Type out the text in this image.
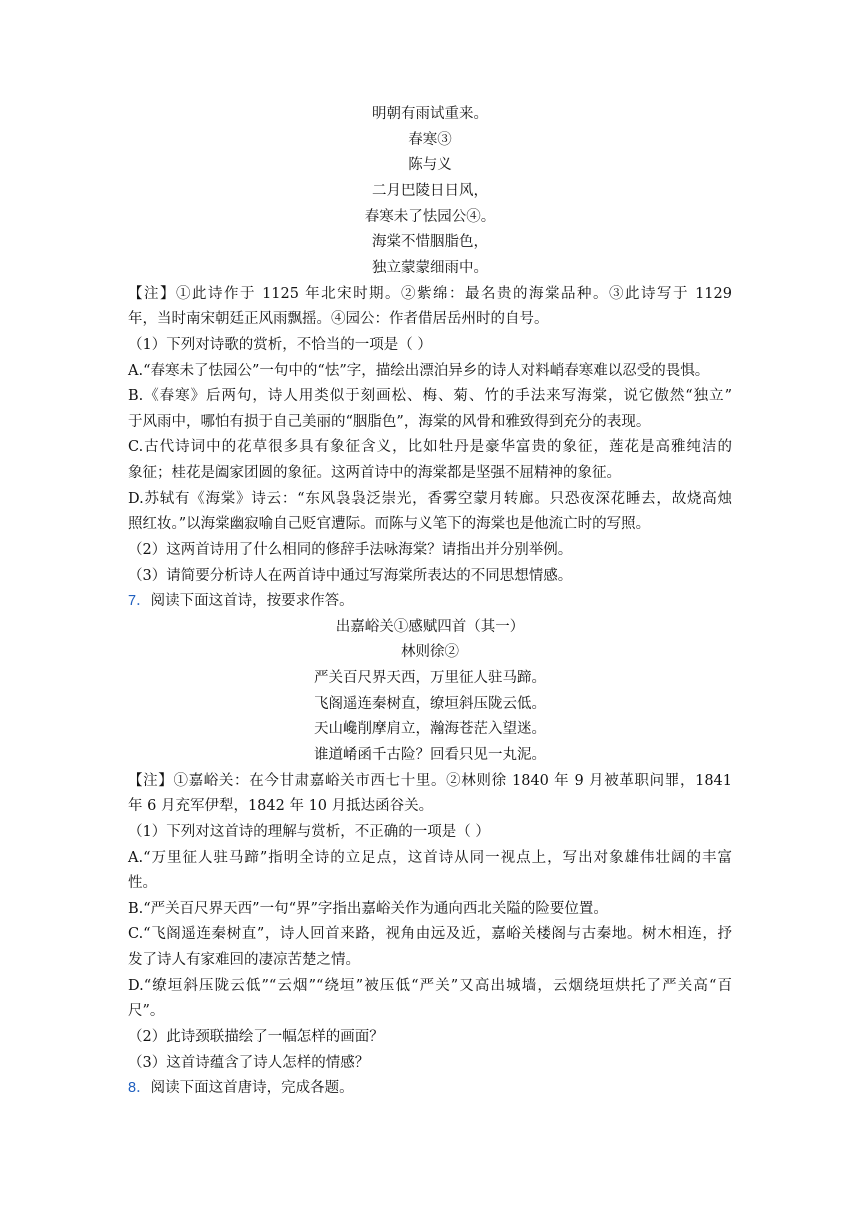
明朝有雨试重来。
春寒③
陈与义
二月巴陵日日风，
春寒未了怯园公④。
海棠不惜胭脂色，
独立蒙蒙细雨中。
【注】①此诗作于 1125 年北宋时期。②紫绵：最名贵的海棠品种。③此诗写于 1129
年，当时南宋朝廷正风雨飘摇。④园公：作者借居岳州时的自号。
（1）下列对诗歌的赏析，不恰当的一项是（ ）
A.“春寒未了怯园公”一句中的“怯”字，描绘出漂泊异乡的诗人对料峭春寒难以忍受的畏惧。
B.《春寒》后两句，诗人用类似于刻画松、梅、菊、竹的手法来写海棠，说它傲然“独立”
于风雨中，哪怕有损于自己美丽的“胭脂色”，海棠的风骨和雅致得到充分的表现。
C.古代诗词中的花草很多具有象征含义，比如牡丹是豪华富贵的象征，莲花是高雅纯洁的
象征；桂花是阖家团圆的象征。这两首诗中的海棠都是坚强不屈精神的象征。
D.苏轼有《海棠》诗云：“东风袅袅泛崇光，香雾空蒙月转廊。只恐夜深花睡去，故烧高烛
照红妆。”以海棠幽寂喻自己贬官遭际。而陈与义笔下的海棠也是他流亡时的写照。
（2）这两首诗用了什么相同的修辞手法咏海棠？请指出并分别举例。
（3）请简要分析诗人在两首诗中通过写海棠所表达的不同思想情感。
7．阅读下面这首诗，按要求作答。
出嘉峪关①感赋四首（其一）
林则徐②
严关百尺界天西，万里征人驻马蹄。
飞阁遥连秦树直，缭垣斜压陇云低。
天山巉削摩肩立，瀚海苍茫入望迷。
谁道崤函千古险？回看只见一丸泥。
【注】①嘉峪关：在今甘肃嘉峪关市西七十里。②林则徐 1840 年 9 月被革职问罪，1841
年 6 月充军伊犁，1842 年 10 月抵达函谷关。
（1）下列对这首诗的理解与赏析，不正确的一项是（ ）
A.“万里征人驻马蹄”指明全诗的立足点，这首诗从同一视点上，写出对象雄伟壮阔的丰富
性。
B.“严关百尺界天西”一句“界”字指出嘉峪关作为通向西北关隘的险要位置。
C.“飞阁遥连秦树直”，诗人回首来路，视角由远及近，嘉峪关楼阁与古秦地。树木相连，抒
发了诗人有家难回的凄凉苦楚之情。
D.“缭垣斜压陇云低”“云烟”“绕垣”被压低“严关”又高出城墙，云烟绕垣烘托了严关高“百
尺”。
（2）此诗颈联描绘了一幅怎样的画面？
（3）这首诗蕴含了诗人怎样的情感？
8．阅读下面这首唐诗，完成各题。
